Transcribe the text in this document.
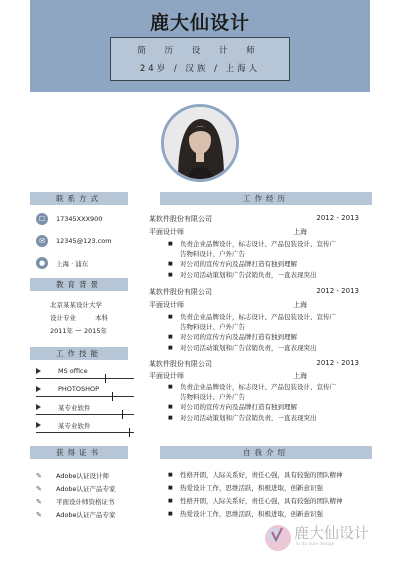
鹿大仙设计
简 历 设 计 师
24岁 / 汉族 / 上海人
联系方式
教育背景
工作技能
获得证书
工作经历
自我介绍
☐	17345XXX900
✉	12345@123.com
●	上海 · 浦东
北京某某设计大学
设计专业	本科
2011年 2015年
—
MS office
PHOTOSHOP
某专业软件
某专业软件
✎	Adobe认证设计师
✎	Adobe认证产品专家
✎	平面设计师资格证书
✎	Adobe认证产品专家
某软件股份有限公司	2012 - 2013
平面设计师	上海
■ 负责企业品牌设计，标志设计、产品包装设计、宣传广
告物料设计、户外广告
■ 对公司的宣传方向及品牌打造有独到理解
■ 对公司活动策划和广告营销负责，一直表现突出
某软件股份有限公司	2012 - 2013
平面设计师	上海
■ 负责企业品牌设计，标志设计、产品包装设计、宣传广
告物料设计、户外广告
■ 对公司的宣传方向及品牌打造有独到理解
■ 对公司活动策划和广告营销负责，一直表现突出
某软件股份有限公司	2012 - 2013
平面设计师	上海
■ 负责企业品牌设计，标志设计、产品包装设计、宣传广
告物料设计、户外广告
■ 对公司的宣传方向及品牌打造有独到理解
■ 对公司活动策划和广告营销负责，一直表现突出
■ 性格开朗，人际关系好，责任心强，具有较强的团队精神
■ 热爱设计工作，思维活跃，积极进取，创新意识强
■ 性格开朗，人际关系好，责任心强，具有较强的团队精神
■ 热爱设计工作，思维活跃，积极进取，创新意识强
鹿大仙设计
lu da xian design
